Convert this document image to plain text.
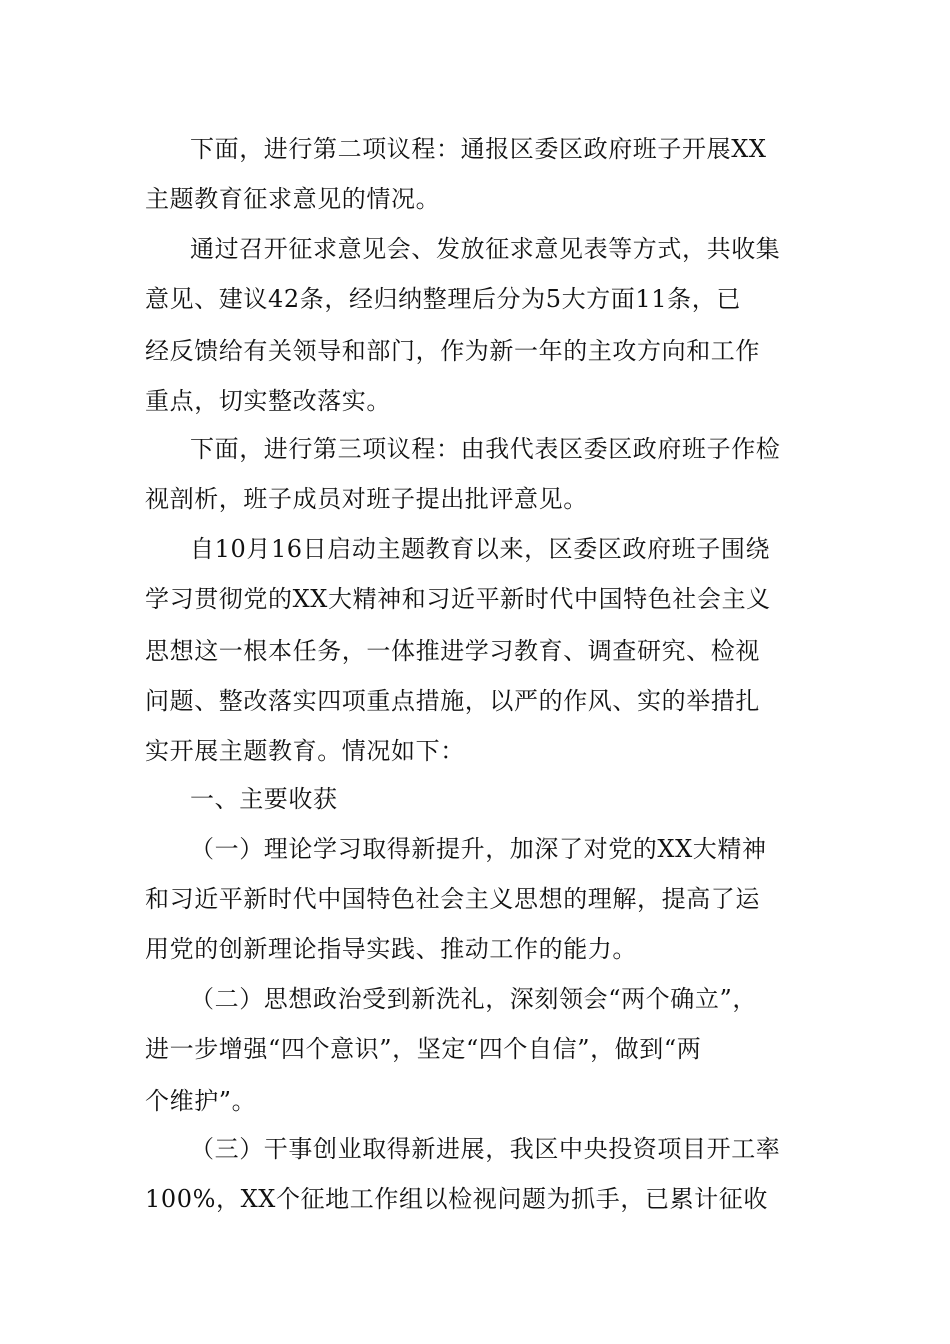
下面，进行第二项议程：通报区委区政府班子开展XX
主题教育征求意见的情况。
通过召开征求意见会、发放征求意见表等方式，共收集
意见、建议42条，经归纳整理后分为5大方面11条，已
经反馈给有关领导和部门，作为新一年的主攻方向和工作
重点，切实整改落实。
下面，进行第三项议程：由我代表区委区政府班子作检
视剖析，班子成员对班子提出批评意见。
自10月16日启动主题教育以来，区委区政府班子围绕
学习贯彻党的XX大精神和习近平新时代中国特色社会主义
思想这一根本任务，一体推进学习教育、调查研究、检视
问题、整改落实四项重点措施，以严的作风、实的举措扎
实开展主题教育。情况如下：
一、主要收获
（一）理论学习取得新提升，加深了对党的XX大精神
和习近平新时代中国特色社会主义思想的理解，提高了运
用党的创新理论指导实践、推动工作的能力。
（二）思想政治受到新洗礼，深刻领会“两个确立”，
进一步增强“四个意识”，坚定“四个自信”，做到“两
个维护”。
（三）干事创业取得新进展，我区中央投资项目开工率
100%，XX个征地工作组以检视问题为抓手，已累计征收
